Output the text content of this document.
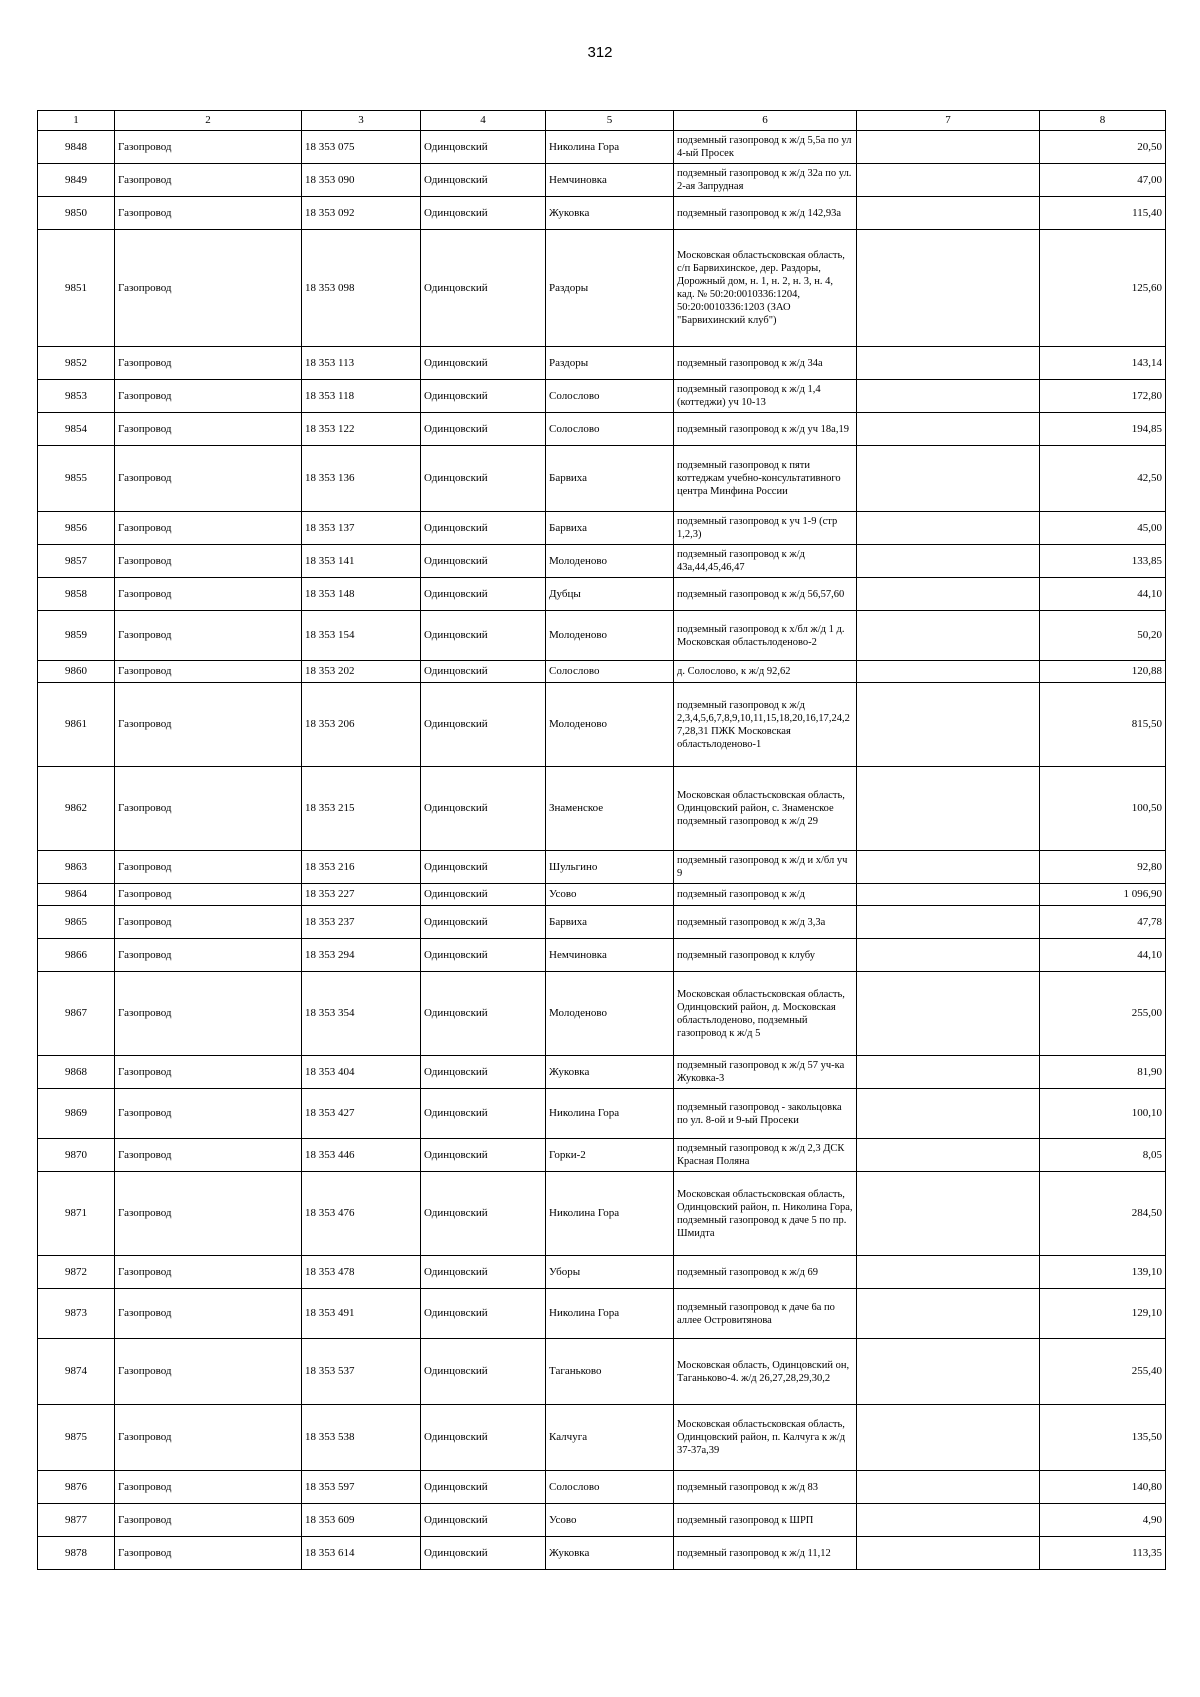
312
1	2	3	4	5	6	7	8
9848	Газопровод	18 353 075	Одинцовский	Николина Гора	подземный газопровод к ж/д 5,5а по ул 4-ый Просек		20,50
9849	Газопровод	18 353 090	Одинцовский	Немчиновка	подземный газопровод к ж/д 32а по ул. 2-ая Запрудная		47,00
9850	Газопровод	18 353 092	Одинцовский	Жуковка	подземный газопровод к ж/д 142,93а		115,40
9851	Газопровод	18 353 098	Одинцовский	Раздоры	Московская областьсковская область, с/п Барвихинское, дер. Раздоры, Дорожный дом, н. 1, н. 2, н. 3, н. 4, кад. № 50:20:0010336:1204, 50:20:0010336:1203 (ЗАО "Барвихинский клуб")		125,60
9852	Газопровод	18 353 113	Одинцовский	Раздоры	подземный газопровод к ж/д 34а		143,14
9853	Газопровод	18 353 118	Одинцовский	Солослово	подземный газопровод к ж/д 1,4 (коттеджи) уч 10-13		172,80
9854	Газопровод	18 353 122	Одинцовский	Солослово	подземный газопровод к ж/д уч 18а,19		194,85
9855	Газопровод	18 353 136	Одинцовский	Барвиха	подземный газопровод к пяти коттеджам учебно-консультативного центра Минфина России		42,50
9856	Газопровод	18 353 137	Одинцовский	Барвиха	подземный газопровод к уч 1-9 (стр 1,2,3)		45,00
9857	Газопровод	18 353 141	Одинцовский	Молоденово	подземный газопровод к ж/д 43а,44,45,46,47		133,85
9858	Газопровод	18 353 148	Одинцовский	Дубцы	подземный газопровод к ж/д 56,57,60		44,10
9859	Газопровод	18 353 154	Одинцовский	Молоденово	подземный газопровод к х/бл ж/д 1 д. Московская областьлоденово-2		50,20
9860	Газопровод	18 353 202	Одинцовский	Солослово	д. Солослово, к ж/д 92,62		120,88
9861	Газопровод	18 353 206	Одинцовский	Молоденово	подземный газопровод к ж/д 2,3,4,5,6,7,8,9,10,11,15,18,20,16,17,24,27,28,31 ПЖК Московская областьлоденово-1		815,50
9862	Газопровод	18 353 215	Одинцовский	Знаменское	Московская областьсковская область, Одинцовский район, с. Знаменское подземный газопровод к ж/д 29		100,50
9863	Газопровод	18 353 216	Одинцовский	Шульгино	подземный газопровод к ж/д и х/бл уч 9		92,80
9864	Газопровод	18 353 227	Одинцовский	Усово	подземный газопровод к ж/д		1 096,90
9865	Газопровод	18 353 237	Одинцовский	Барвиха	подземный газопровод к ж/д 3,3а		47,78
9866	Газопровод	18 353 294	Одинцовский	Немчиновка	подземный газопровод к клубу		44,10
9867	Газопровод	18 353 354	Одинцовский	Молоденово	Московская областьсковская область, Одинцовский район, д. Московская областьлоденово, подземный газопровод к ж/д 5		255,00
9868	Газопровод	18 353 404	Одинцовский	Жуковка	подземный газопровод к ж/д 57 уч-ка Жуковка-3		81,90
9869	Газопровод	18 353 427	Одинцовский	Николина Гора	подземный газопровод - закольцовка по ул. 8-ой и 9-ый Просеки		100,10
9870	Газопровод	18 353 446	Одинцовский	Горки-2	подземный газопровод к ж/д 2,3 ДСК Красная Поляна		8,05
9871	Газопровод	18 353 476	Одинцовский	Николина Гора	Московская областьсковская область, Одинцовский район, п. Николина Гора, подземный газопровод к даче 5 по пр. Шмидта		284,50
9872	Газопровод	18 353 478	Одинцовский	Уборы	подземный газопровод к ж/д 69		139,10
9873	Газопровод	18 353 491	Одинцовский	Николина Гора	подземный газопровод к даче 6а по аллее Островитянова		129,10
9874	Газопровод	18 353 537	Одинцовский	Таганьково	Московская область, Одинцовский он, Таганьково-4. ж/д 26,27,28,29,30,2		255,40
9875	Газопровод	18 353 538	Одинцовский	Калчуга	Московская областьсковская область, Одинцовский район, п. Калчуга к ж/д 37-37а,39		135,50
9876	Газопровод	18 353 597	Одинцовский	Солослово	подземный газопровод к ж/д 83		140,80
9877	Газопровод	18 353 609	Одинцовский	Усово	подземный газопровод к ШРП		4,90
9878	Газопровод	18 353 614	Одинцовский	Жуковка	подземный газопровод к ж/д 11,12		113,35
